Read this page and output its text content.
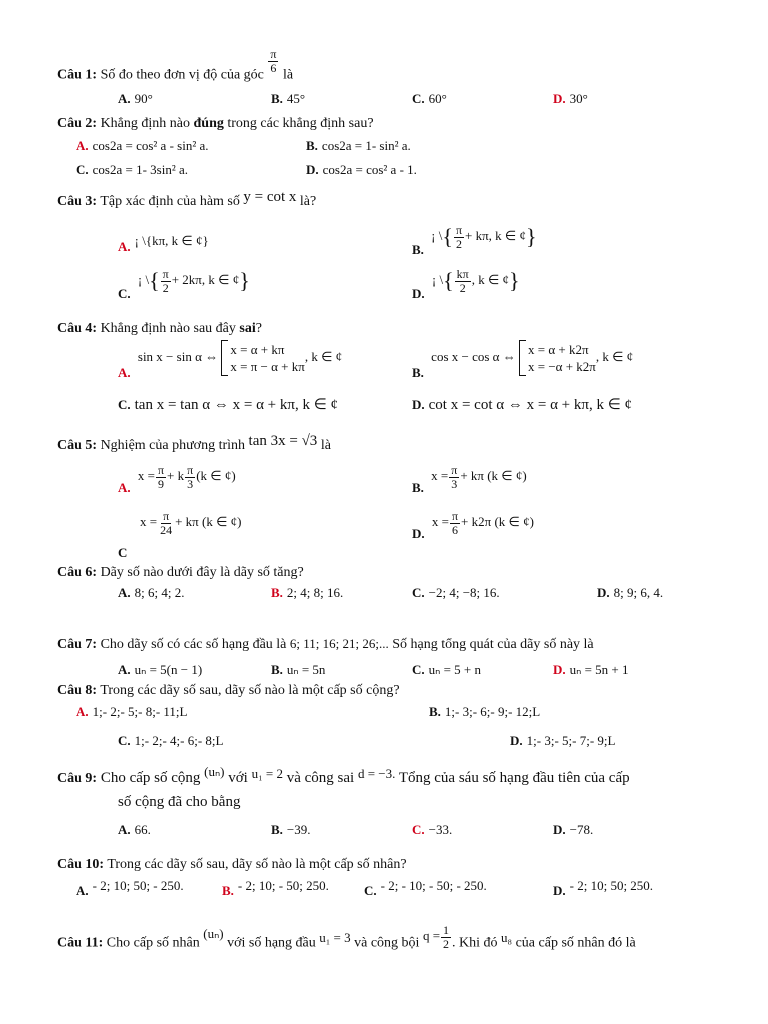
Câu 1: Số đo theo đơn vị độ của góc
$\frac{\pi}{6}$
là
A. 90°	B. 45°	C. 60°	D. 30°
Câu 2: Khẳng định nào đúng trong các khẳng định sau?
A. cos2a = cos² a - sin² a.	B. cos2a = 1- sin² a.
C. cos2a = 1- 3sin² a.	D. cos2a = cos² a - 1.
Câu 3: Tập xác định của hàm số y = cot x là?
A. ¡ \{kπ, k ∈ ¢}
B. ¡ \{ $\frac{\pi}{2} + k\pi$, k ∈ ¢}
C. ¡ \{ $\frac{\pi}{2} + 2k\pi$, k ∈ ¢}
D. ¡ \{ $\frac{k\pi}{2}$ , k ∈ ¢}
Câu 4: Khẳng định nào sau đây sai?
A. sin x − sin α ⇔ x = α + kπ
x = π − α + kπ
, k ∈ ¢
B. cos x − cos α ⇔ x = α + k2π
x = −α + k2π
, k ∈ ¢
C. tan x = tan α ⇔ x = α + kπ, k ∈ ¢	D. cot x = cot α ⇔ x = α + kπ, k ∈ ¢
Câu 5: Nghiệm của phương trình tan 3x = √3 là
A. $x = \frac{\pi}{9} + k \frac{\pi}{3} (k$ ∈ ¢)
B. $x = \frac{\pi}{3} + k\pi$ (k ∈ ¢)
$x = \frac{\pi}{24} + k\pi$ (k ∈ ¢)
C
D. $x = \frac{\pi}{6} + k2\pi$ (k ∈ ¢)
Câu 6: Dãy số nào dưới đây là dãy số tăng?
A. 8; 6; 4; 2.	B. 2; 4; 8; 16.	C. −2; 4; −8; 16.	D. 8; 9; 6, 4.
Câu 7: Cho dãy số có các số hạng đầu là 6; 11; 16; 21; 26;... Số hạng tổng quát của dãy số này là
A. uₙ = 5(n − 1)	B. uₙ = 5n	C. uₙ = 5 + n	D. uₙ = 5n + 1
Câu 8: Trong các dãy số sau, dãy số nào là một cấp số cộng?
A. 1;- 2;- 5;- 8;- 11;L	B. 1;- 3;- 6;- 9;- 12;L
C. 1;- 2;- 4;- 6;- 8;L	D. 1;- 3;- 5;- 7;- 9;L
Câu 9: Cho cấp số cộng (uₙ) với u₁ = 2 và công sai d = −3. Tổng của sáu số hạng đầu tiên của cấp
số cộng đã cho bằng
A. 66.	B. −39.	C. −33.	D. −78.
Câu 10: Trong các dãy số sau, dãy số nào là một cấp số nhân?
A. - 2; 10; 50; - 250.	B. - 2; 10; - 50; 250.	C. - 2; - 10; - 50; - 250.	D. - 2; 10; 50; 250.
Câu 11: Cho cấp số nhân (uₙ) với số hạng đầu u₁ = 3 và công bội $q = \frac{1}{2}$ . Khi đó u₈ của cấp số nhân đó là
